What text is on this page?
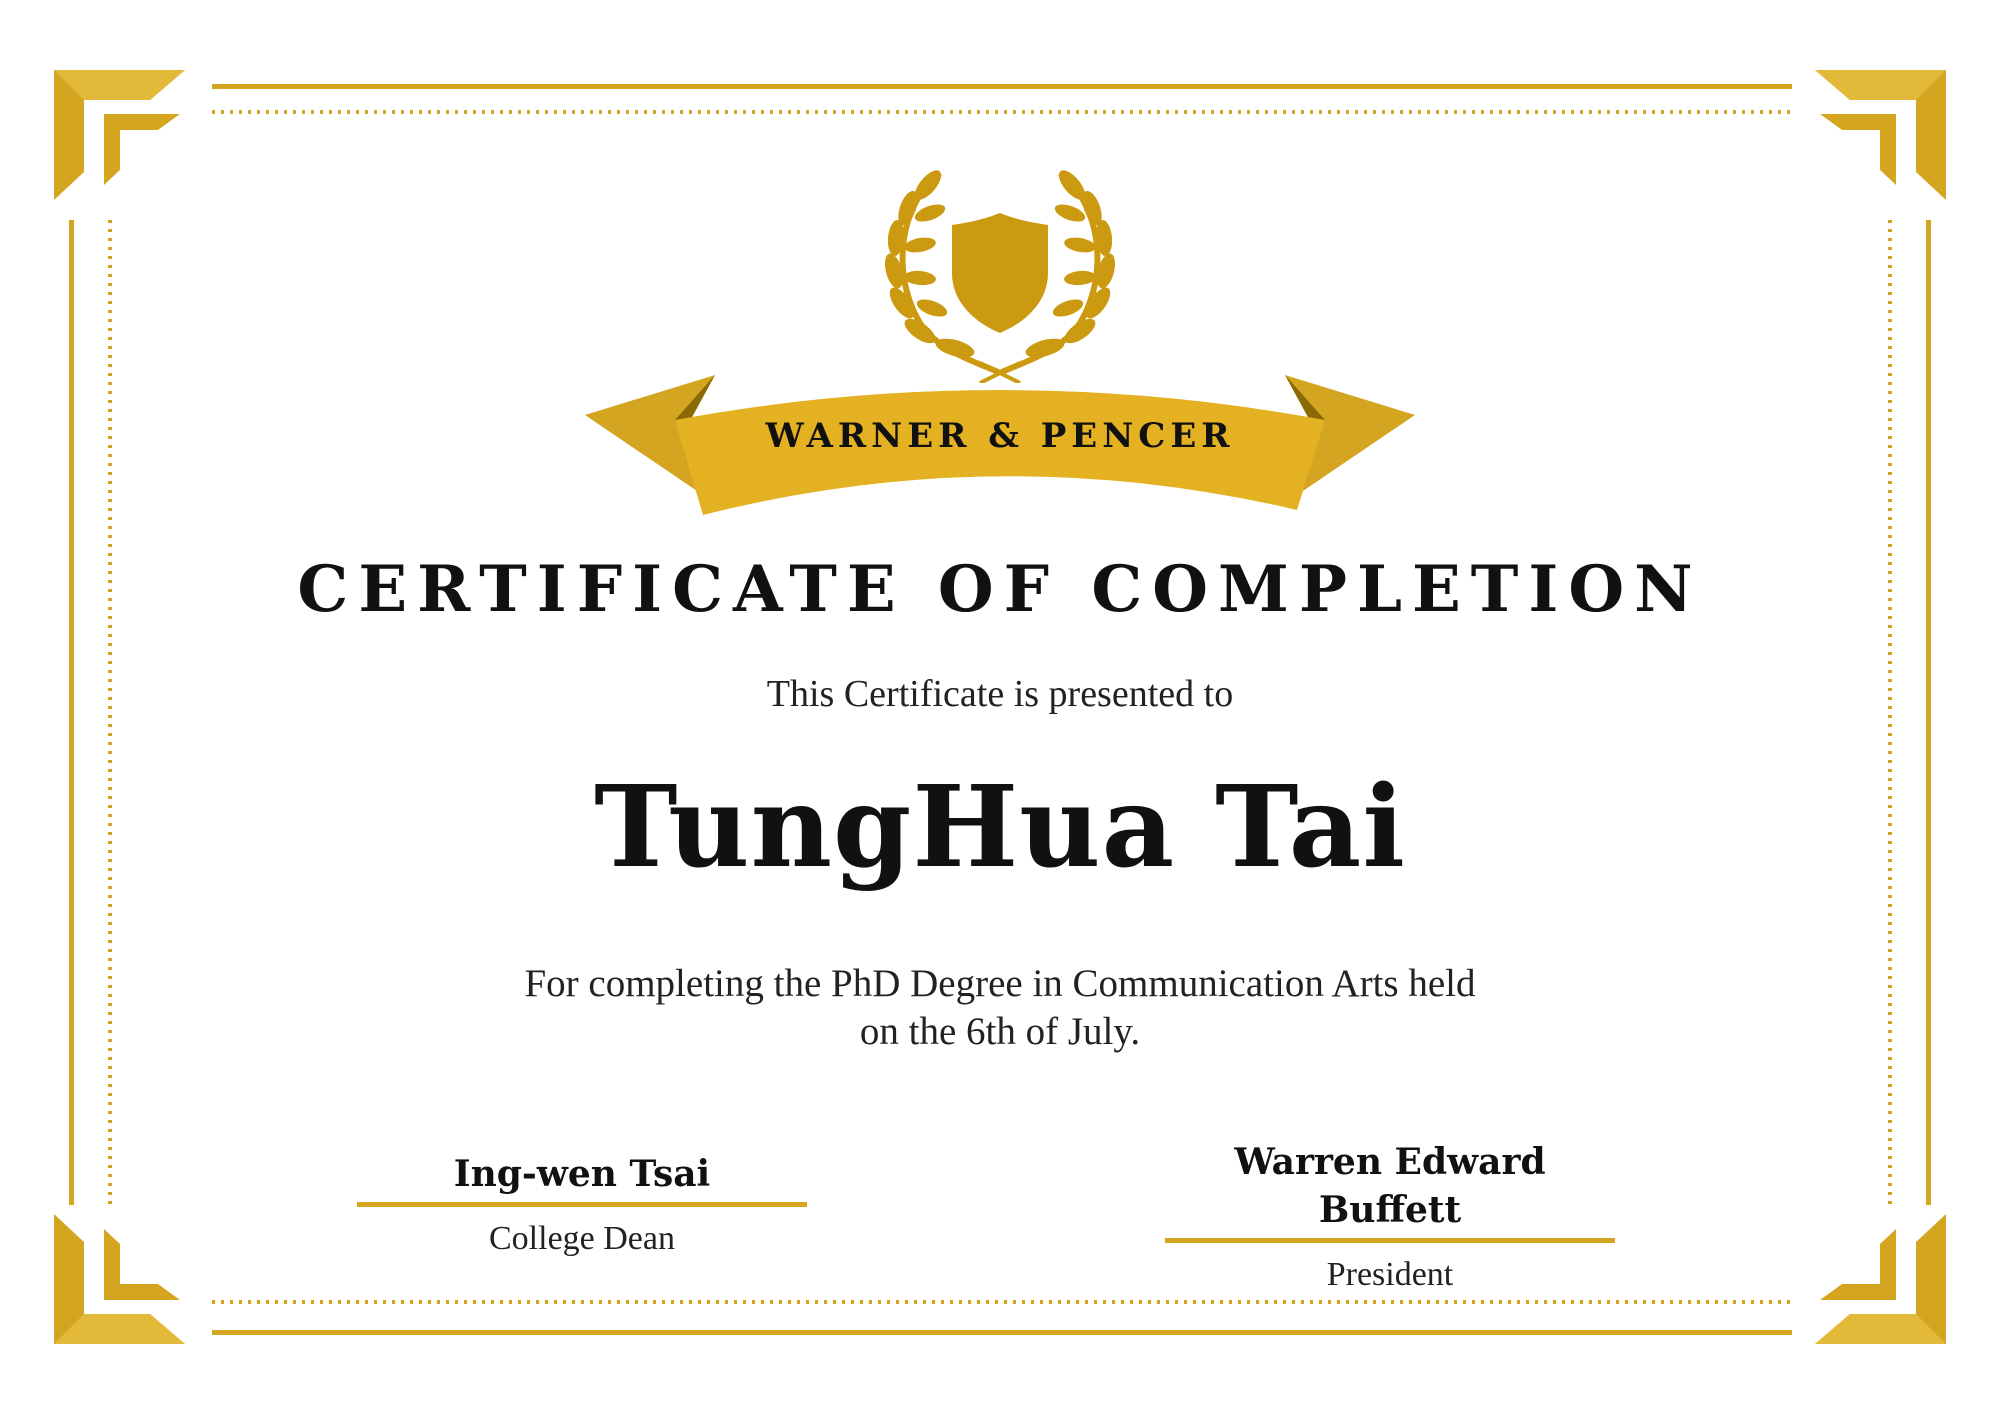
WARNER & PENCER
CERTIFICATE OF COMPLETION
This Certificate is presented to
TungHua Tai
For completing the PhD Degree in Communication Arts held
on the 6th of July.
Ing-wen Tsai
College Dean
Warren Edward Buffett
President
